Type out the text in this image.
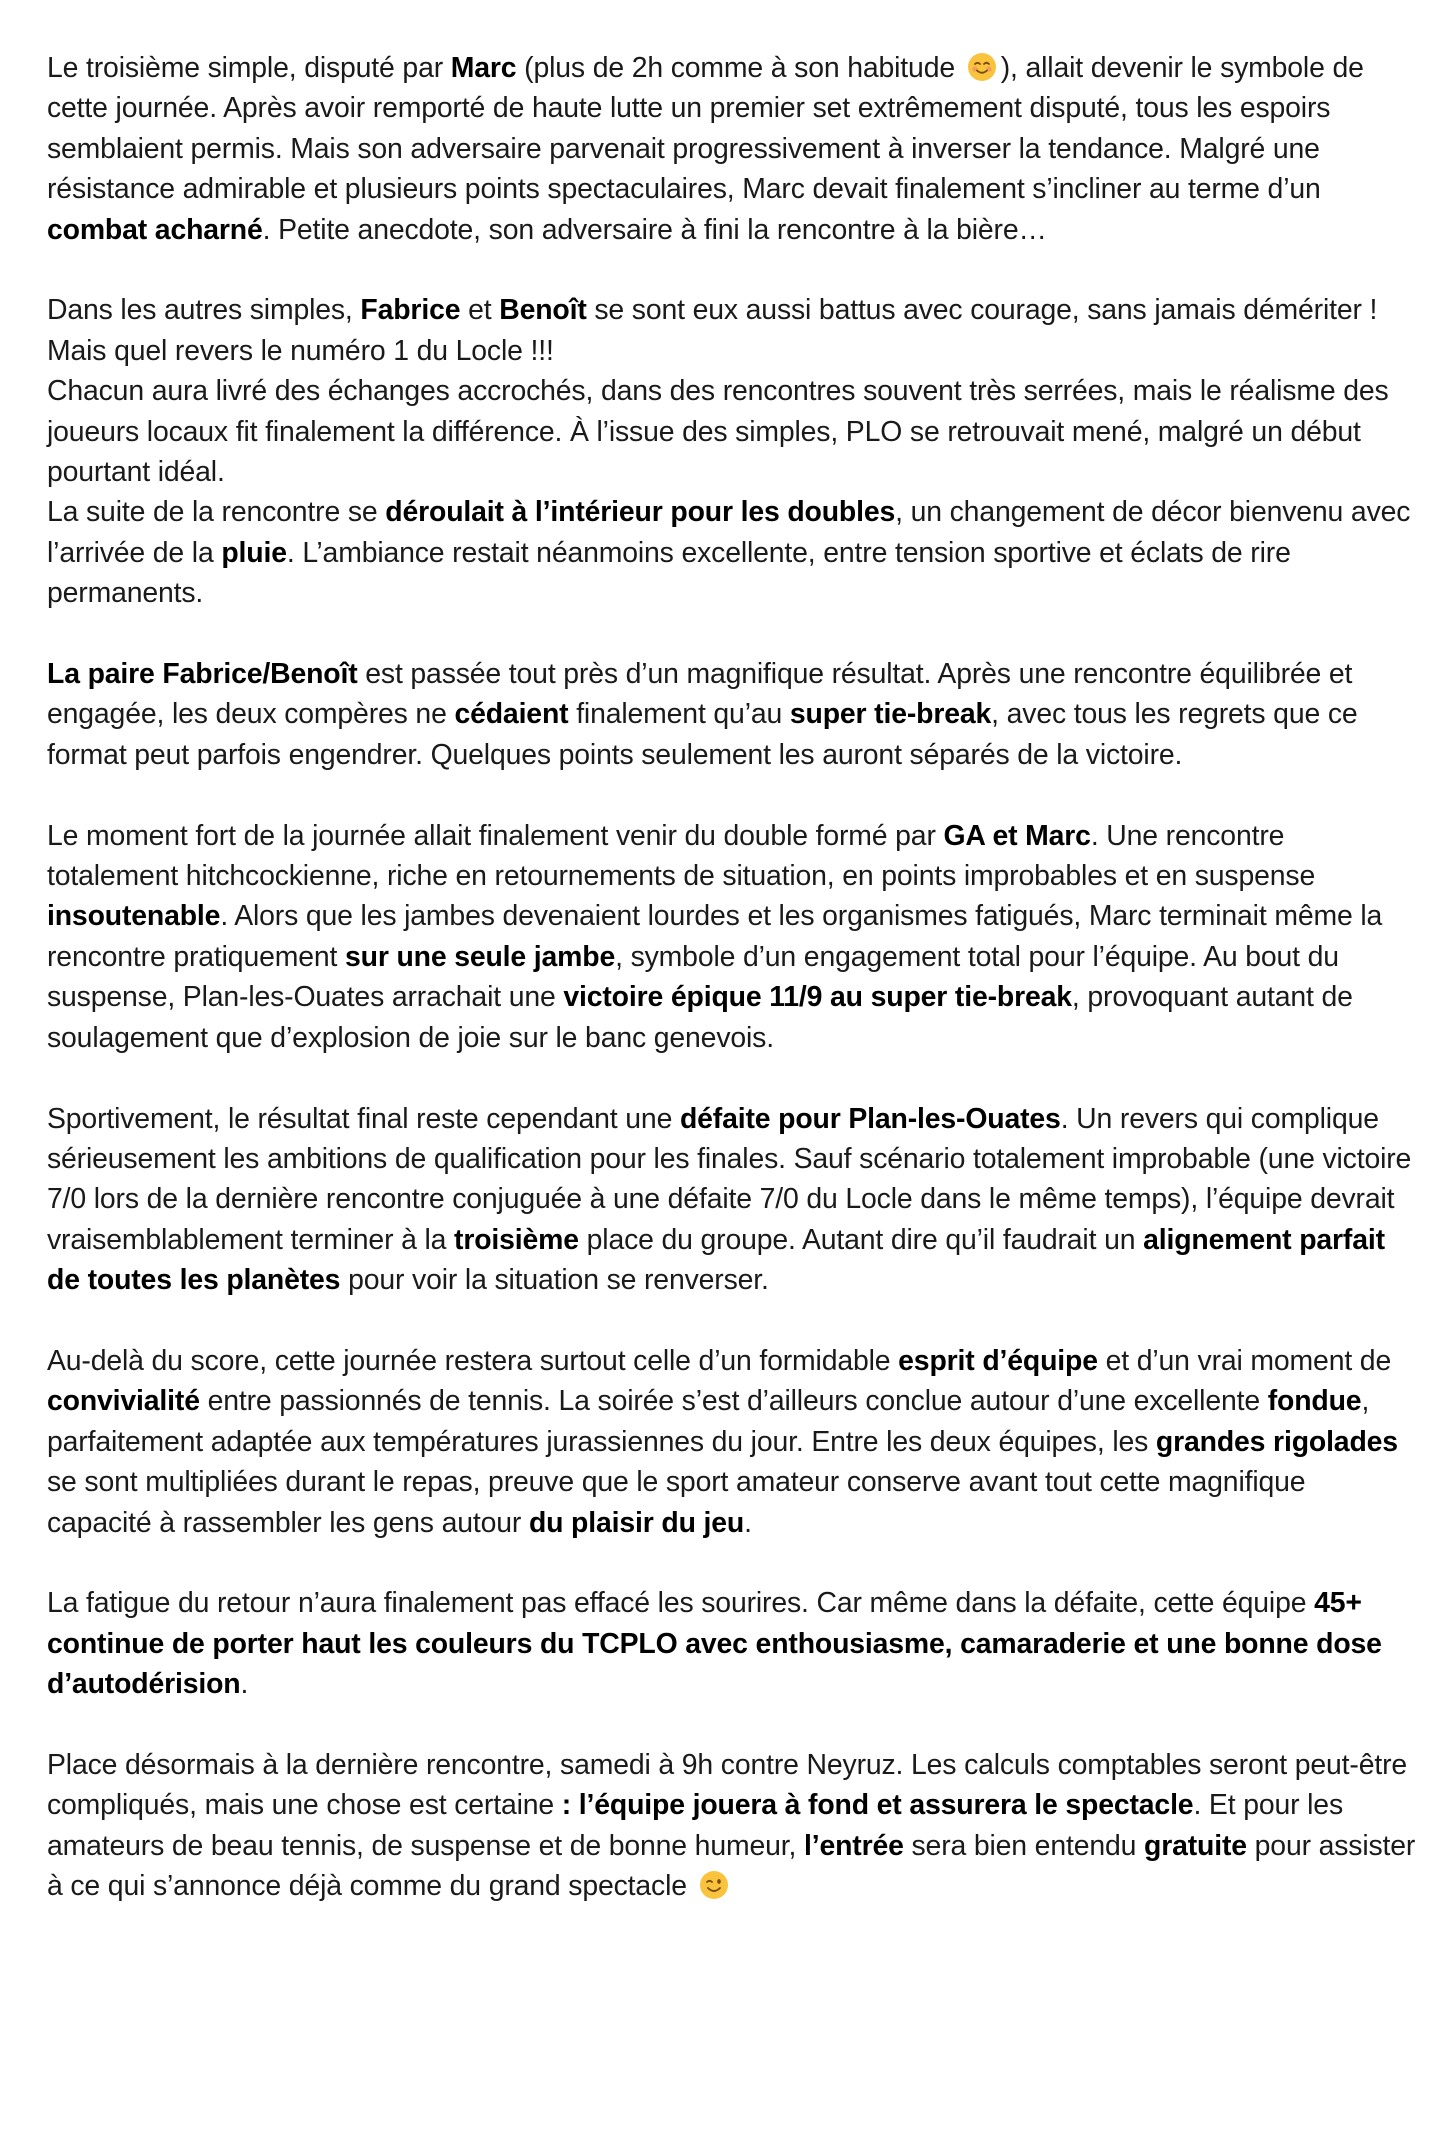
Le troisième simple, disputé par Marc (plus de 2h comme à son habitude
), allait devenir le symbole de cette journée. Après avoir remporté de haute lutte un premier set extrêmement disputé, tous les espoirs semblaient permis. Mais son adversaire parvenait progressivement à inverser la tendance. Malgré une résistance admirable et plusieurs points spectaculaires, Marc devait finalement s’incliner au terme d’un combat acharné. Petite anecdote, son adversaire à fini la rencontre à la bière…

Dans les autres simples, Fabrice et Benoît se sont eux aussi battus avec courage, sans jamais démériter ! Mais quel revers le numéro 1 du Locle !!!

Chacun aura livré des échanges accrochés, dans des rencontres souvent très serrées, mais le réalisme des joueurs locaux fit finalement la différence. À l’issue des simples, PLO se retrouvait mené, malgré un début pourtant idéal.

La suite de la rencontre se déroulait à l’intérieur pour les doubles, un changement de décor bienvenu avec l’arrivée de la pluie. L’ambiance restait néanmoins excellente, entre tension sportive et éclats de rire permanents.

La paire Fabrice/Benoît est passée tout près d’un magnifique résultat. Après une rencontre équilibrée et engagée, les deux compères ne cédaient finalement qu’au super tie-break, avec tous les regrets que ce format peut parfois engendrer. Quelques points seulement les auront séparés de la victoire.

Le moment fort de la journée allait finalement venir du double formé par GA et Marc. Une rencontre totalement hitchcockienne, riche en retournements de situation, en points improbables et en suspense insoutenable. Alors que les jambes devenaient lourdes et les organismes fatigués, Marc terminait même la rencontre pratiquement sur une seule jambe, symbole d’un engagement total pour l’équipe. Au bout du suspense, Plan-les-Ouates arrachait une victoire épique 11/9 au super tie-break, provoquant autant de soulagement que d’explosion de joie sur le banc genevois.

Sportivement, le résultat final reste cependant une défaite pour Plan-les-Ouates. Un revers qui complique sérieusement les ambitions de qualification pour les finales. Sauf scénario totalement improbable (une victoire 7/0 lors de la dernière rencontre conjuguée à une défaite 7/0 du Locle dans le même temps), l’équipe devrait vraisemblablement terminer à la troisième place du groupe. Autant dire qu’il faudrait un alignement parfait de toutes les planètes pour voir la situation se renverser.

Au-delà du score, cette journée restera surtout celle d’un formidable esprit d’équipe et d’un vrai moment de convivialité entre passionnés de tennis. La soirée s’est d’ailleurs conclue autour d’une excellente fondue, parfaitement adaptée aux températures jurassiennes du jour. Entre les deux équipes, les grandes rigolades se sont multipliées durant le repas, preuve que le sport amateur conserve avant tout cette magnifique capacité à rassembler les gens autour du plaisir du jeu.

La fatigue du retour n’aura finalement pas effacé les sourires. Car même dans la défaite, cette équipe 45+ continue de porter haut les couleurs du TCPLO avec enthousiasme, camaraderie et une bonne dose d’autodérision.

Place désormais à la dernière rencontre, samedi à 9h contre Neyruz. Les calculs comptables seront peut-être compliqués, mais une chose est certaine : l’équipe jouera à fond et assurera le spectacle. Et pour les amateurs de beau tennis, de suspense et de bonne humeur, l’entrée sera bien entendu gratuite pour assister à ce qui s’annonce déjà comme du grand spectacle
